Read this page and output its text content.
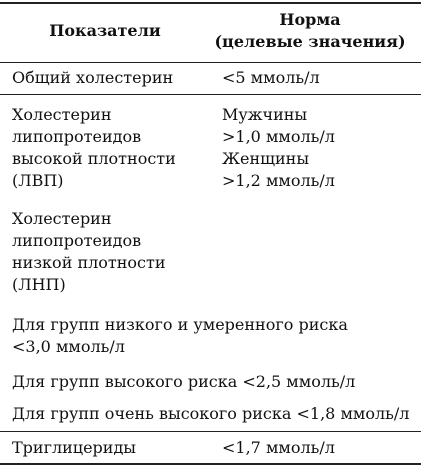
Показатели
Норма
(целевые значения)
Общий холестерин	<5 ммоль/л
Холестерин
липопротеидов
высокой плотности
(ЛВП)
Мужчины
>1,0 ммоль/л
Женщины
>1,2 ммоль/л
Холестерин
липопротеидов
низкой плотности
(ЛНП)
Для групп низкого и умеренного риска
<3,0 ммоль/л
Для групп высокого риска <2,5 ммоль/л
Для групп очень высокого риска <1,8 ммоль/л
Триглицериды	<1,7 ммоль/л
